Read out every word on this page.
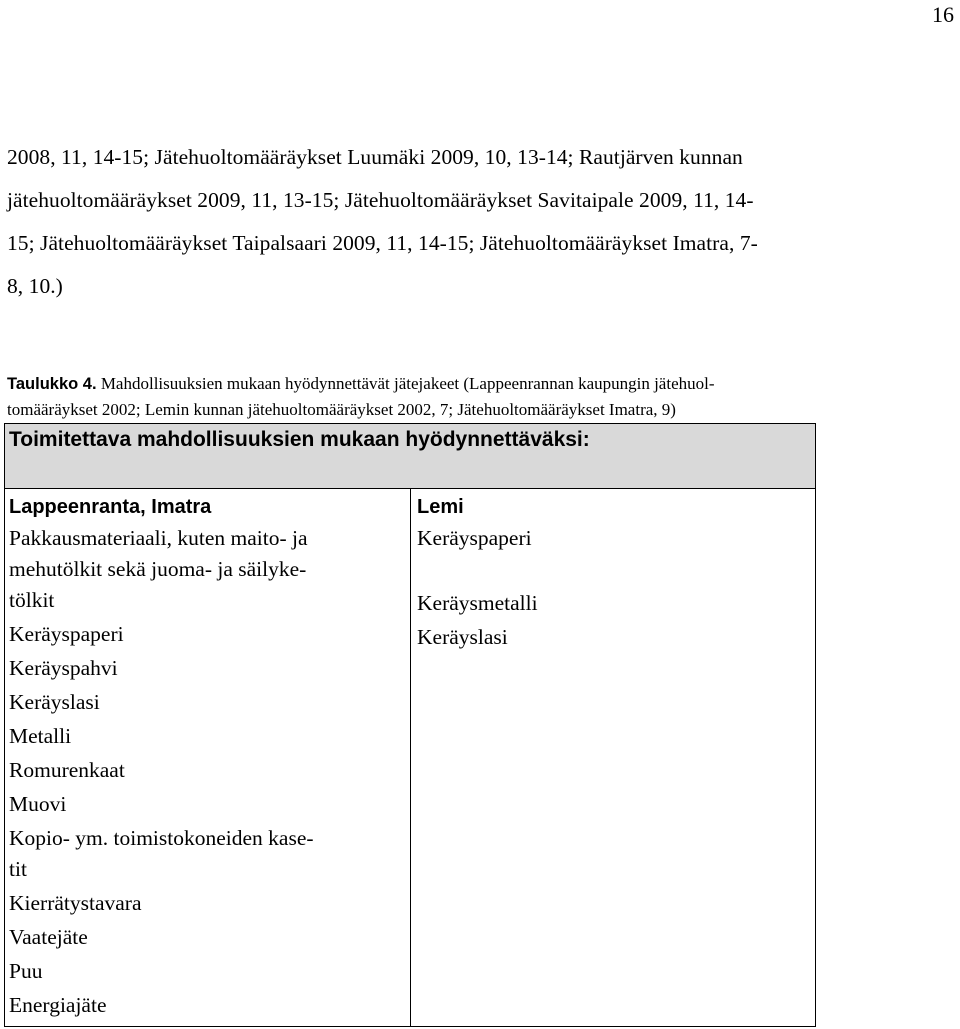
16
2008, 11, 14-15; Jätehuoltomääräykset Luumäki 2009, 10, 13-14; Rautjärven kunnan
jätehuoltomääräykset 2009, 11, 13-15; Jätehuoltomääräykset Savitaipale 2009, 11, 14-
15; Jätehuoltomääräykset Taipalsaari 2009, 11, 14-15; Jätehuoltomääräykset Imatra, 7-
8, 10.)
Taulukko 4. Mahdollisuuksien mukaan hyödynnettävät jätejakeet (Lappeenrannan kaupungin jätehuol-
tomääräykset 2002; Lemin kunnan jätehuoltomääräykset 2002, 7; Jätehuoltomääräykset Imatra, 9)
Toimitettava mahdollisuuksien mukaan hyödynnettäväksi:
Lappeenranta, Imatra
Pakkausmateriaali, kuten maito- ja
mehutölkit sekä juoma- ja säilyke-
tölkit
Keräyspaperi
Keräyspahvi
Keräyslasi
Metalli
Romurenkaat
Muovi
Kopio- ym. toimistokoneiden kase-
tit
Kierrätystavara
Vaatejäte
Puu
Energiajäte
Lemi
Keräyspaperi

Keräysmetalli
Keräyslasi
